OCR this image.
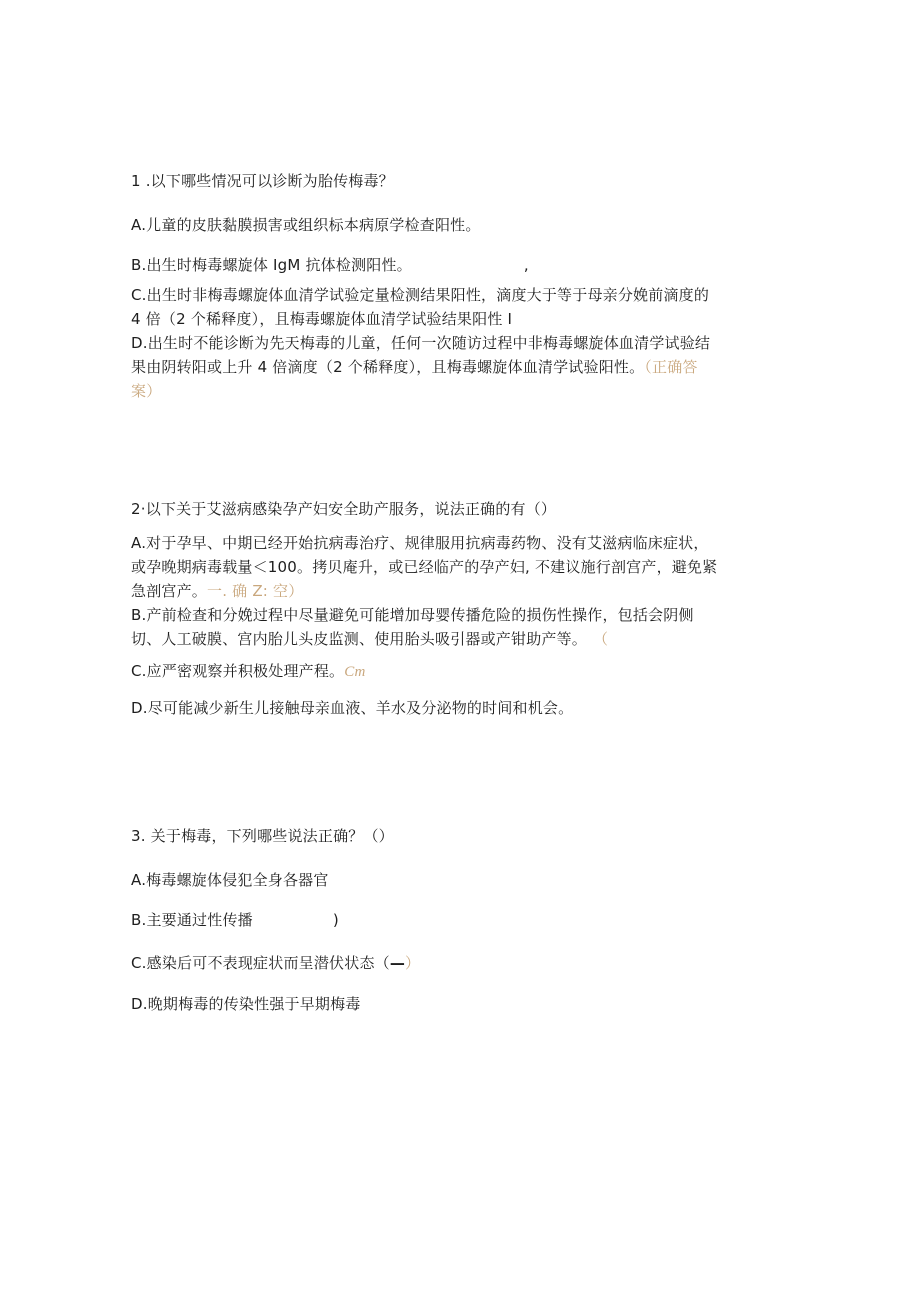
1 .以下哪些情况可以诊断为胎传梅毒？
A.儿童的皮肤黏膜损害或组织标本病原学检查阳性。
B.出生时梅毒螺旋体 IgM 抗体检测阳性。	,
C.出生时非梅毒螺旋体血清学试验定量检测结果阳性，滴度大于等于母亲分娩前滴度的
4 倍（2 个稀释度），且梅毒螺旋体血清学试验结果阳性 I
D.出生时不能诊断为先天梅毒的儿童，任何一次随访过程中非梅毒螺旋体血清学试验结
果由阴转阳或上升 4 倍滴度（2 个稀释度），且梅毒螺旋体血清学试验阳性。（正确答
案）
2·以下关于艾滋病感染孕产妇安全助产服务，说法正确的有（）
A.对于孕早、中期已经开始抗病毒治疗、规律服用抗病毒药物、没有艾滋病临床症状，
或孕晚期病毒载量＜100。拷贝庵升，或已经临产的孕产妇, 不建议施行剖宫产，避免紧
急剖宫产。一. 确 Z: 空）
B.产前检查和分娩过程中尽量避免可能增加母婴传播危险的损伤性操作，包括会阴侧
切、人工破膜、宫内胎儿头皮监测、使用胎头吸引器或产钳助产等。 （
C.应严密观察并积极处理产程。Cm
D.尽可能减少新生儿接触母亲血液、羊水及分泌物的时间和机会。
3. 关于梅毒，下列哪些说法正确？（）
A.梅毒螺旋体侵犯全身各器官
B.主要通过性传播	)
C.感染后可不表现症状而呈潜伏状态（—）
D.晚期梅毒的传染性强于早期梅毒
